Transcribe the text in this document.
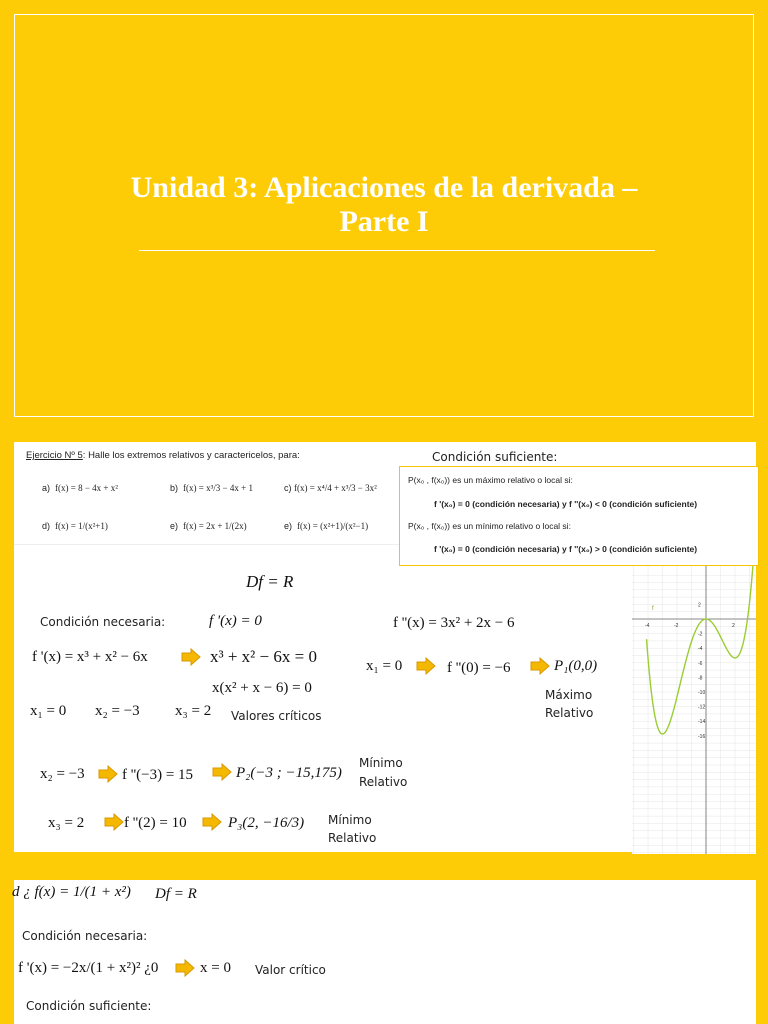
Unidad 3: Aplicaciones de la derivada –
Parte I
Ejercicio Nº 5: Halle los extremos relativos y caractericelos, para:
a) f(x) = 8 − 4x + x²	b) f(x) = x³/3 − 4x + 1	c) f(x) = x⁴/4 + x³/3 − 3x²
d) f(x) = 1/(x²+1)	e) f(x) = 2x + 1/(2x)	e) f(x) = (x²+1)/(x²−1)
Condición suficiente:
P(x₀ , f(x₀)) es un máximo relativo o local si:
f '(x₀) = 0 (condición necesaria) y f ''(x₀) < 0 (condición suficiente)
P(x₀ , f(x₀)) es un mínimo relativo o local si:
f '(x₀) = 0 (condición necesaria) y f ''(x₀) > 0 (condición suficiente)
Df = R
Condición necesaria:	f '(x) = 0	f ''(x) = 3x² + 2x − 6
f '(x) = x³ + x² − 6x	x³ + x² − 6x = 0
x(x² + x − 6) = 0
x₁ = 0	f ''(0) = −6	P₁(0,0)
Máximo
Relativo
x₁ = 0 x₂ = −3 x₃ = 2 Valores críticos
x₂ = −3 f ''(−3) = 15	P₂(−3 ; −15,175)
Mínimo
Relativo
x₃ = 2	f ''(2) = 10	P₃(2, −16/3) Mínimo
Relativo
2
-2
-4
-6
-8
-10
-12
-14
-16
-4	-2	2
f
d ¿ f(x) = 1/(1 + x²) Df = R
Condición necesaria:
f '(x) = −2x/(1 + x²)² ¿0	x = 0 Valor crítico
Condición suficiente:
